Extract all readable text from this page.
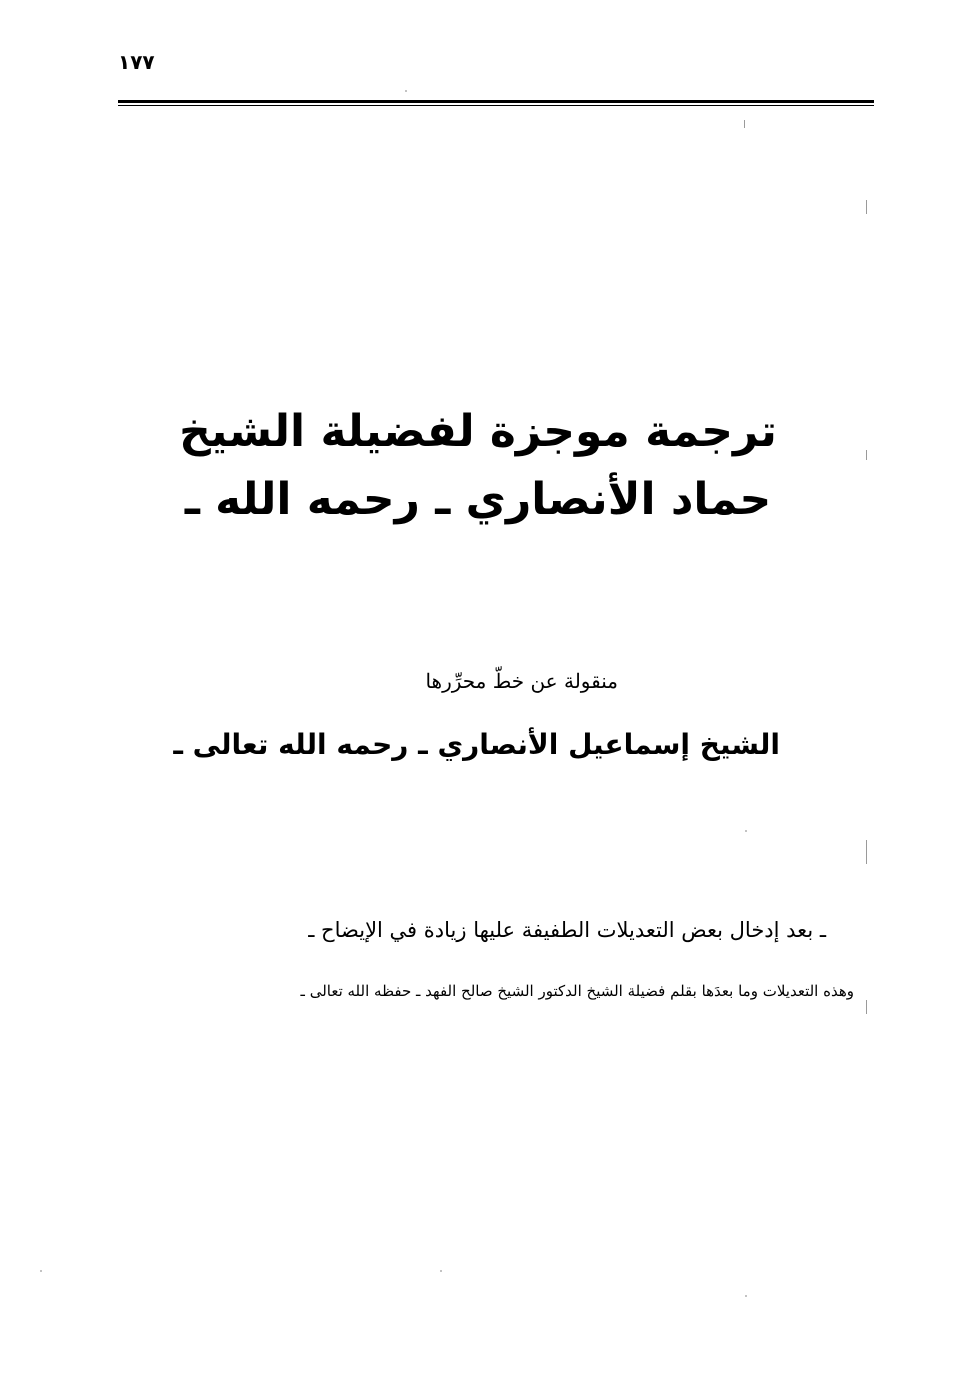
١٧٧
ترجمة موجزة لفضيلة الشيخ
حماد الأنصاري ـ رحمه الله ـ
منقولة عن خطّ محرِّرها
الشيخ إسماعيل الأنصاري ـ رحمه الله تعالى ـ
ـ بعد إدخال بعض التعديلات الطفيفة عليها زيادة في الإيضاح ـ
وهذه التعديلات وما بعدَها بقلم فضيلة الشيخ الدكتور الشيخ صالح الفهد ـ حفظه الله تعالى ـ
